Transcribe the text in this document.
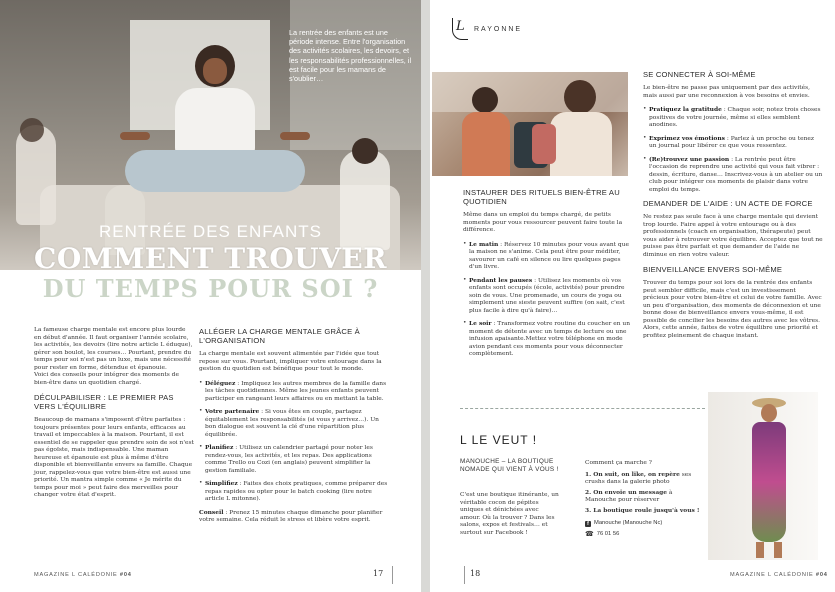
La rentrée des enfants est une période intense. Entre l'organisation des activités scolaires, les devoirs, et les responsabilités professionnelles, il est facile pour les mamans de s'oublier…
RENTRÉE DES ENFANTS
COMMENT TROUVER
DU TEMPS POUR SOI ?

La fameuse charge mentale est encore plus lourde en début d'année. Il faut organiser l'année scolaire, les activités, les devoirs (lire notre article L éduque), gérer son boulot, les courses… Pourtant, prendre du temps pour soi n'est pas un luxe, mais une nécessité pour rester en forme, détendue et épanouie.

Voici des conseils pour intégrer des moments de bien-être dans un quotidien chargé.

DÉCULPABILISER : LE PREMIER PAS VERS L'ÉQUILIBRE

Beaucoup de mamans s'imposent d'être parfaites : toujours présentes pour leurs enfants, efficaces au travail et impeccables à la maison. Pourtant, il est essentiel de se rappeler que prendre soin de soi n'est pas égoïste, mais indispensable. Une maman heureuse et épanouie est plus à même d'être disponible et bienveillante envers sa famille. Chaque jour, rappelez-vous que votre bien-être est aussi une priorité. Un mantra simple comme « Je mérite du temps pour moi » peut faire des merveilles pour changer votre état d'esprit.

ALLÉGER LA CHARGE MENTALE GRÂCE À L'ORGANISATION

La charge mentale est souvent alimentée par l'idée que tout repose sur vous. Pourtant, impliquer votre entourage dans la gestion du quotidien est bénéfique pour tout le monde.

• Déléguez : Impliquez les autres membres de la famille dans les tâches quotidiennes. Même les jeunes enfants peuvent participer en rangeant leurs affaires ou en mettant la table.
• Votre partenaire : Si vous êtes en couple, partagez équitablement les responsabilités (si vous y arrivez…). Un bon dialogue est souvent la clé d'une répartition plus équilibrée.
• Planifiez : Utilisez un calendrier partagé pour noter les rendez-vous, les activités, et les repas. Des applications comme Trello ou Cozi (en anglais) peuvent simplifier la gestion familiale.
• Simplifiez : Faites des choix pratiques, comme préparer des repas rapides ou opter pour le batch cooking (lire notre article L mitonne).

Conseil : Prenez 15 minutes chaque dimanche pour planifier votre semaine. Cela réduit le stress et libère votre esprit.

MAGAZINE L CALÉDONIE #04	17
L RAYONNE
INSTAURER DES RITUELS BIEN-ÊTRE AU QUOTIDIEN

Même dans un emploi du temps chargé, de petits moments pour vous ressourcer peuvent faire toute la différence.

• Le matin : Réservez 10 minutes pour vous avant que la maison ne s'anime. Cela peut être pour méditer, savourer un café en silence ou lire quelques pages d'un livre.
• Pendant les pauses : Utilisez les moments où vos enfants sont occupés (école, activités) pour prendre soin de vous. Une promenade, un cours de yoga ou simplement une sieste peuvent suffire (on sait, c'est plus facile à dire qu'à faire)…
• Le soir : Transformez votre routine du coucher en un moment de détente avec un temps de lecture ou une infusion apaisante.Mettez votre téléphone en mode avion pendant ces moments pour vous déconnecter complètement.
SE CONNECTER À SOI-MÊME

Le bien-être ne passe pas uniquement par des activités, mais aussi par une reconnexion à vos besoins et envies.

• Pratiquez la gratitude : Chaque soir, notez trois choses positives de votre journée, même si elles semblent anodines.
• Exprimez vos émotions : Parlez à un proche ou tenez un journal pour libérer ce que vous ressentez.
• (Re)trouvez une passion : La rentrée peut être l'occasion de reprendre une activité qui vous fait vibrer : dessin, écriture, danse… Inscrivez-vous à un atelier ou un club pour intégrer ces moments de plaisir dans votre emploi du temps.
DEMANDER DE L'AIDE : UN ACTE DE FORCE

Ne restez pas seule face à une charge mentale qui devient trop lourde. Faire appel à votre entourage ou à des professionnels (coach en organisation, thérapeute) peut vous aider à retrouver votre équilibre. Acceptez que tout ne puisse pas être parfait et que demander de l'aide ne diminue en rien votre valeur.

BIENVEILLANCE ENVERS SOI-MÊME

Trouver du temps pour soi lors de la rentrée des enfants peut sembler difficile, mais c'est un investissement précieux pour votre bien-être et celui de votre famille. Avec un peu d'organisation, des moments de déconnexion et une bonne dose de bienveillance envers vous-même, il est possible de concilier les besoins des autres avec les vôtres. Alors, cette année, faites de votre équilibre une priorité et profitez pleinement de chaque instant.

L LE VEUT !
MANOUCHE – LA BOUTIQUE NOMADE QUI VIENT À VOUS !
C'est une boutique itinérante, un véritable cocon de pépites uniques et dénichées avec amour. Où la trouver ? Dans les salons, expos et festivals… et surtout sur Facebook !
Comment ça marche ?
1. On suit, on like, on repère ses crushs dans la galerie photo
2. On envoie un message à Manouche pour réserver
3. La boutique roule jusqu'à vous !
f Manouche (Manouche Nc)
☎ 76 01 56
18	MAGAZINE L CALÉDONIE #04
